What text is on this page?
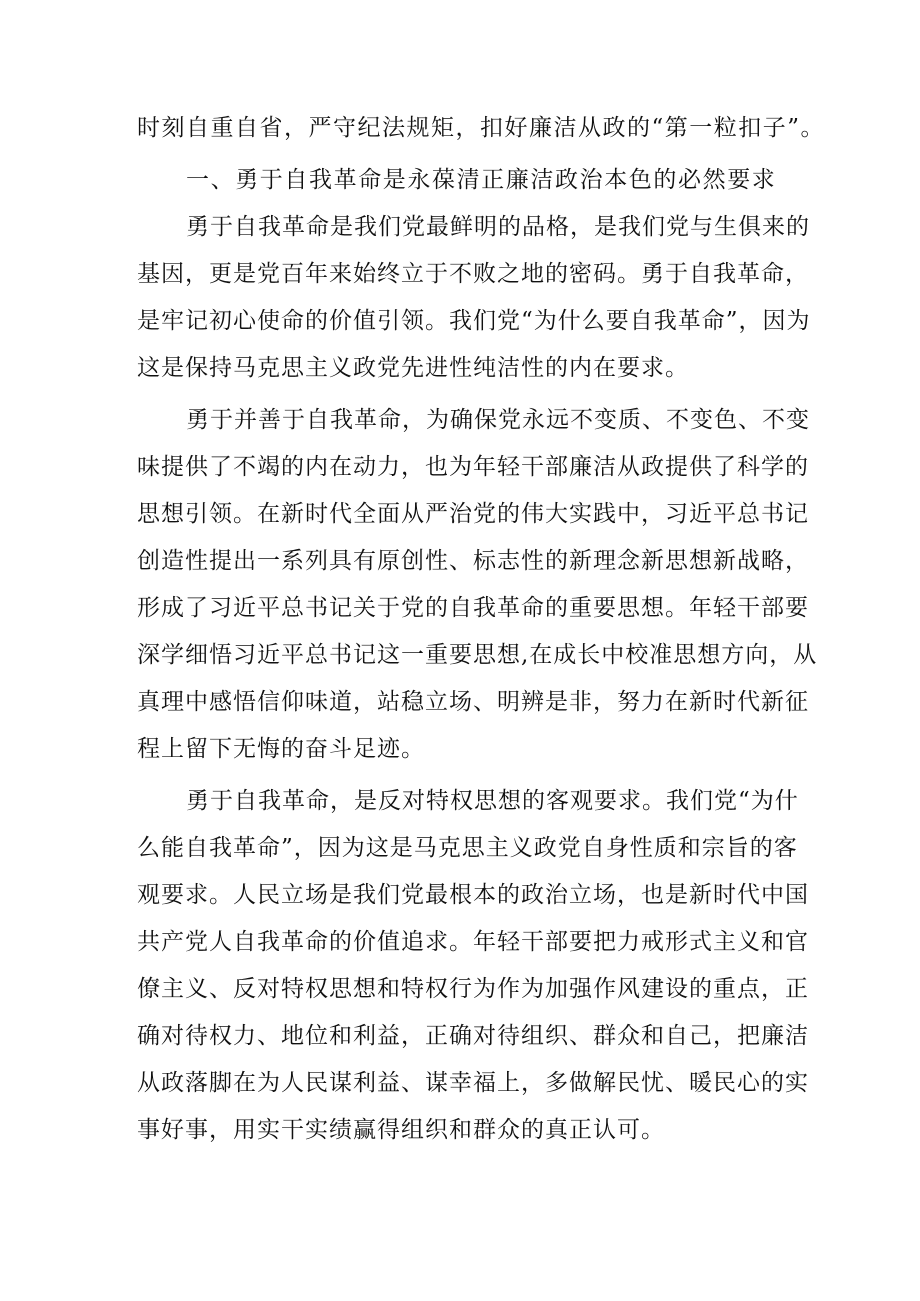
时刻自重自省，严守纪法规矩，扣好廉洁从政的“第一粒扣子”。
一、勇于自我革命是永葆清正廉洁政治本色的必然要求
勇于自我革命是我们党最鲜明的品格，是我们党与生俱来的
基因，更是党百年来始终立于不败之地的密码。勇于自我革命，
是牢记初心使命的价值引领。我们党“为什么要自我革命”，因为
这是保持马克思主义政党先进性纯洁性的内在要求。
勇于并善于自我革命，为确保党永远不变质、不变色、不变
味提供了不竭的内在动力，也为年轻干部廉洁从政提供了科学的
思想引领。在新时代全面从严治党的伟大实践中，习近平总书记
创造性提出一系列具有原创性、标志性的新理念新思想新战略，
形成了习近平总书记关于党的自我革命的重要思想。年轻干部要
深学细悟习近平总书记这一重要思想,在成长中校准思想方向，从
真理中感悟信仰味道，站稳立场、明辨是非，努力在新时代新征
程上留下无悔的奋斗足迹。
勇于自我革命，是反对特权思想的客观要求。我们党“为什
么能自我革命”，因为这是马克思主义政党自身性质和宗旨的客
观要求。人民立场是我们党最根本的政治立场，也是新时代中国
共产党人自我革命的价值追求。年轻干部要把力戒形式主义和官
僚主义、反对特权思想和特权行为作为加强作风建设的重点，正
确对待权力、地位和利益，正确对待组织、群众和自己，把廉洁
从政落脚在为人民谋利益、谋幸福上，多做解民忧、暖民心的实
事好事，用实干实绩赢得组织和群众的真正认可。
